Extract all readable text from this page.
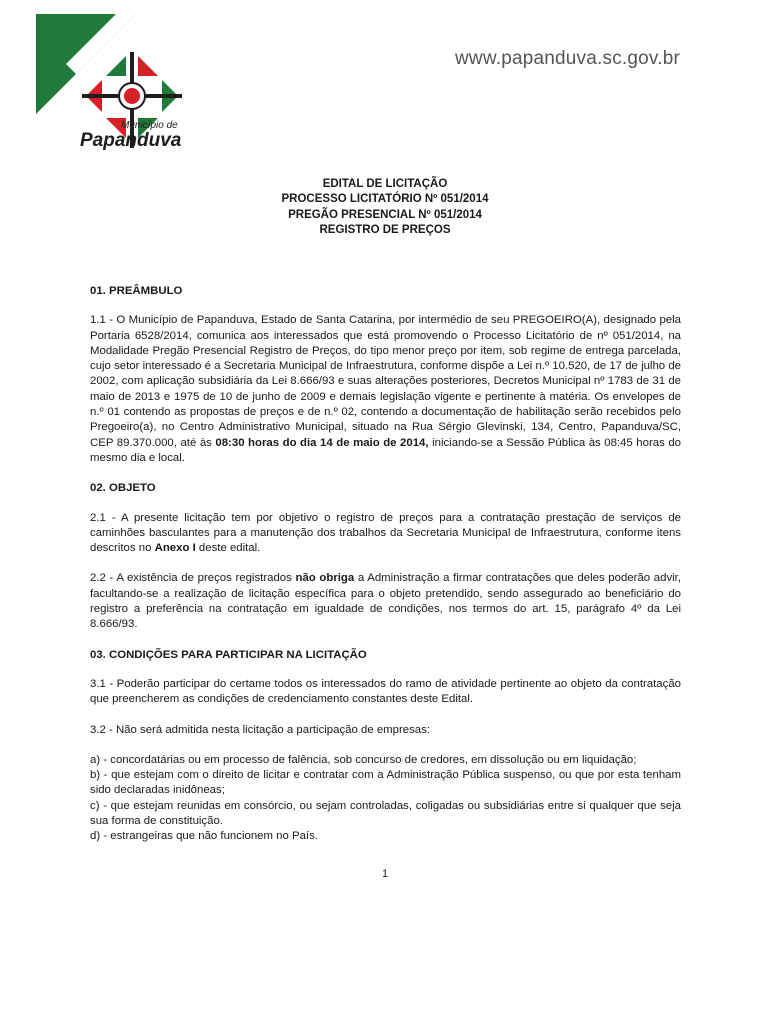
Município de
Papanduva
www.papanduva.sc.gov.br
EDITAL DE LICITAÇÃO
PROCESSO LICITATÓRIO Nº 051/2014
PREGÃO PRESENCIAL Nº 051/2014
REGISTRO DE PREÇOS
01. PREÂMBULO

1.1 - O Município de Papanduva, Estado de Santa Catarina, por intermédio de seu PREGOEIRO(A), designado pela Portaria 6528/2014, comunica aos interessados que está promovendo o Processo Licitatório de nº 051/2014, na Modalidade Pregão Presencial Registro de Preços, do tipo menor preço por item, sob regime de entrega parcelada, cujo setor interessado é a Secretaria Municipal de Infraestrutura, conforme dispõe a Lei n.º 10.520, de 17 de julho de 2002, com aplicação subsidiária da Lei 8.666/93 e suas alterações posteriores, Decretos Municipal nº 1783 de 31 de maio de 2013 e 1975 de 10 de junho de 2009 e demais legislação vigente e pertinente à matéria. Os envelopes de n.º 01 contendo as propostas de preços e de n.º 02, contendo a documentação de habilitação serão recebidos pelo Pregoeiro(a), no Centro Administrativo Municipal, situado na Rua Sérgio Glevinski, 134, Centro, Papanduva/SC, CEP 89.370.000, até às 08:30 horas do dia 14 de maio de 2014, iniciando-se a Sessão Pública às 08:45 horas do mesmo dia e local.

02. OBJETO

2.1 - A presente licitação tem por objetivo o registro de preços para a contratação prestação de serviços de caminhões basculantes para a manutenção dos trabalhos da Secretaria Municipal de Infraestrutura, conforme itens descritos no Anexo I deste edital.

2.2 - A existência de preços registrados não obriga a Administração a firmar contratações que deles poderão advir, facultando-se a realização de licitação específica para o objeto pretendido, sendo assegurado ao beneficiário do registro a preferência na contratação em igualdade de condições, nos termos do art. 15, parágrafo 4º da Lei 8.666/93.

03. CONDIÇÕES PARA PARTICIPAR NA LICITAÇÃO

3.1 - Poderão participar do certame todos os interessados do ramo de atividade pertinente ao objeto da contratação que preencherem as condições de credenciamento constantes deste Edital.

3.2 - Não será admitida nesta licitação a participação de empresas:

a) - concordatárias ou em processo de falência, sob concurso de credores, em dissolução ou em liquidação;

b) - que estejam com o direito de licitar e contratar com a Administração Pública suspenso, ou que por esta tenham sido declaradas inidôneas;

c) - que estejam reunidas em consórcio, ou sejam controladas, coligadas ou subsidiárias entre si qualquer que seja sua forma de constituição.

d) - estrangeiras que não funcionem no País.

1
